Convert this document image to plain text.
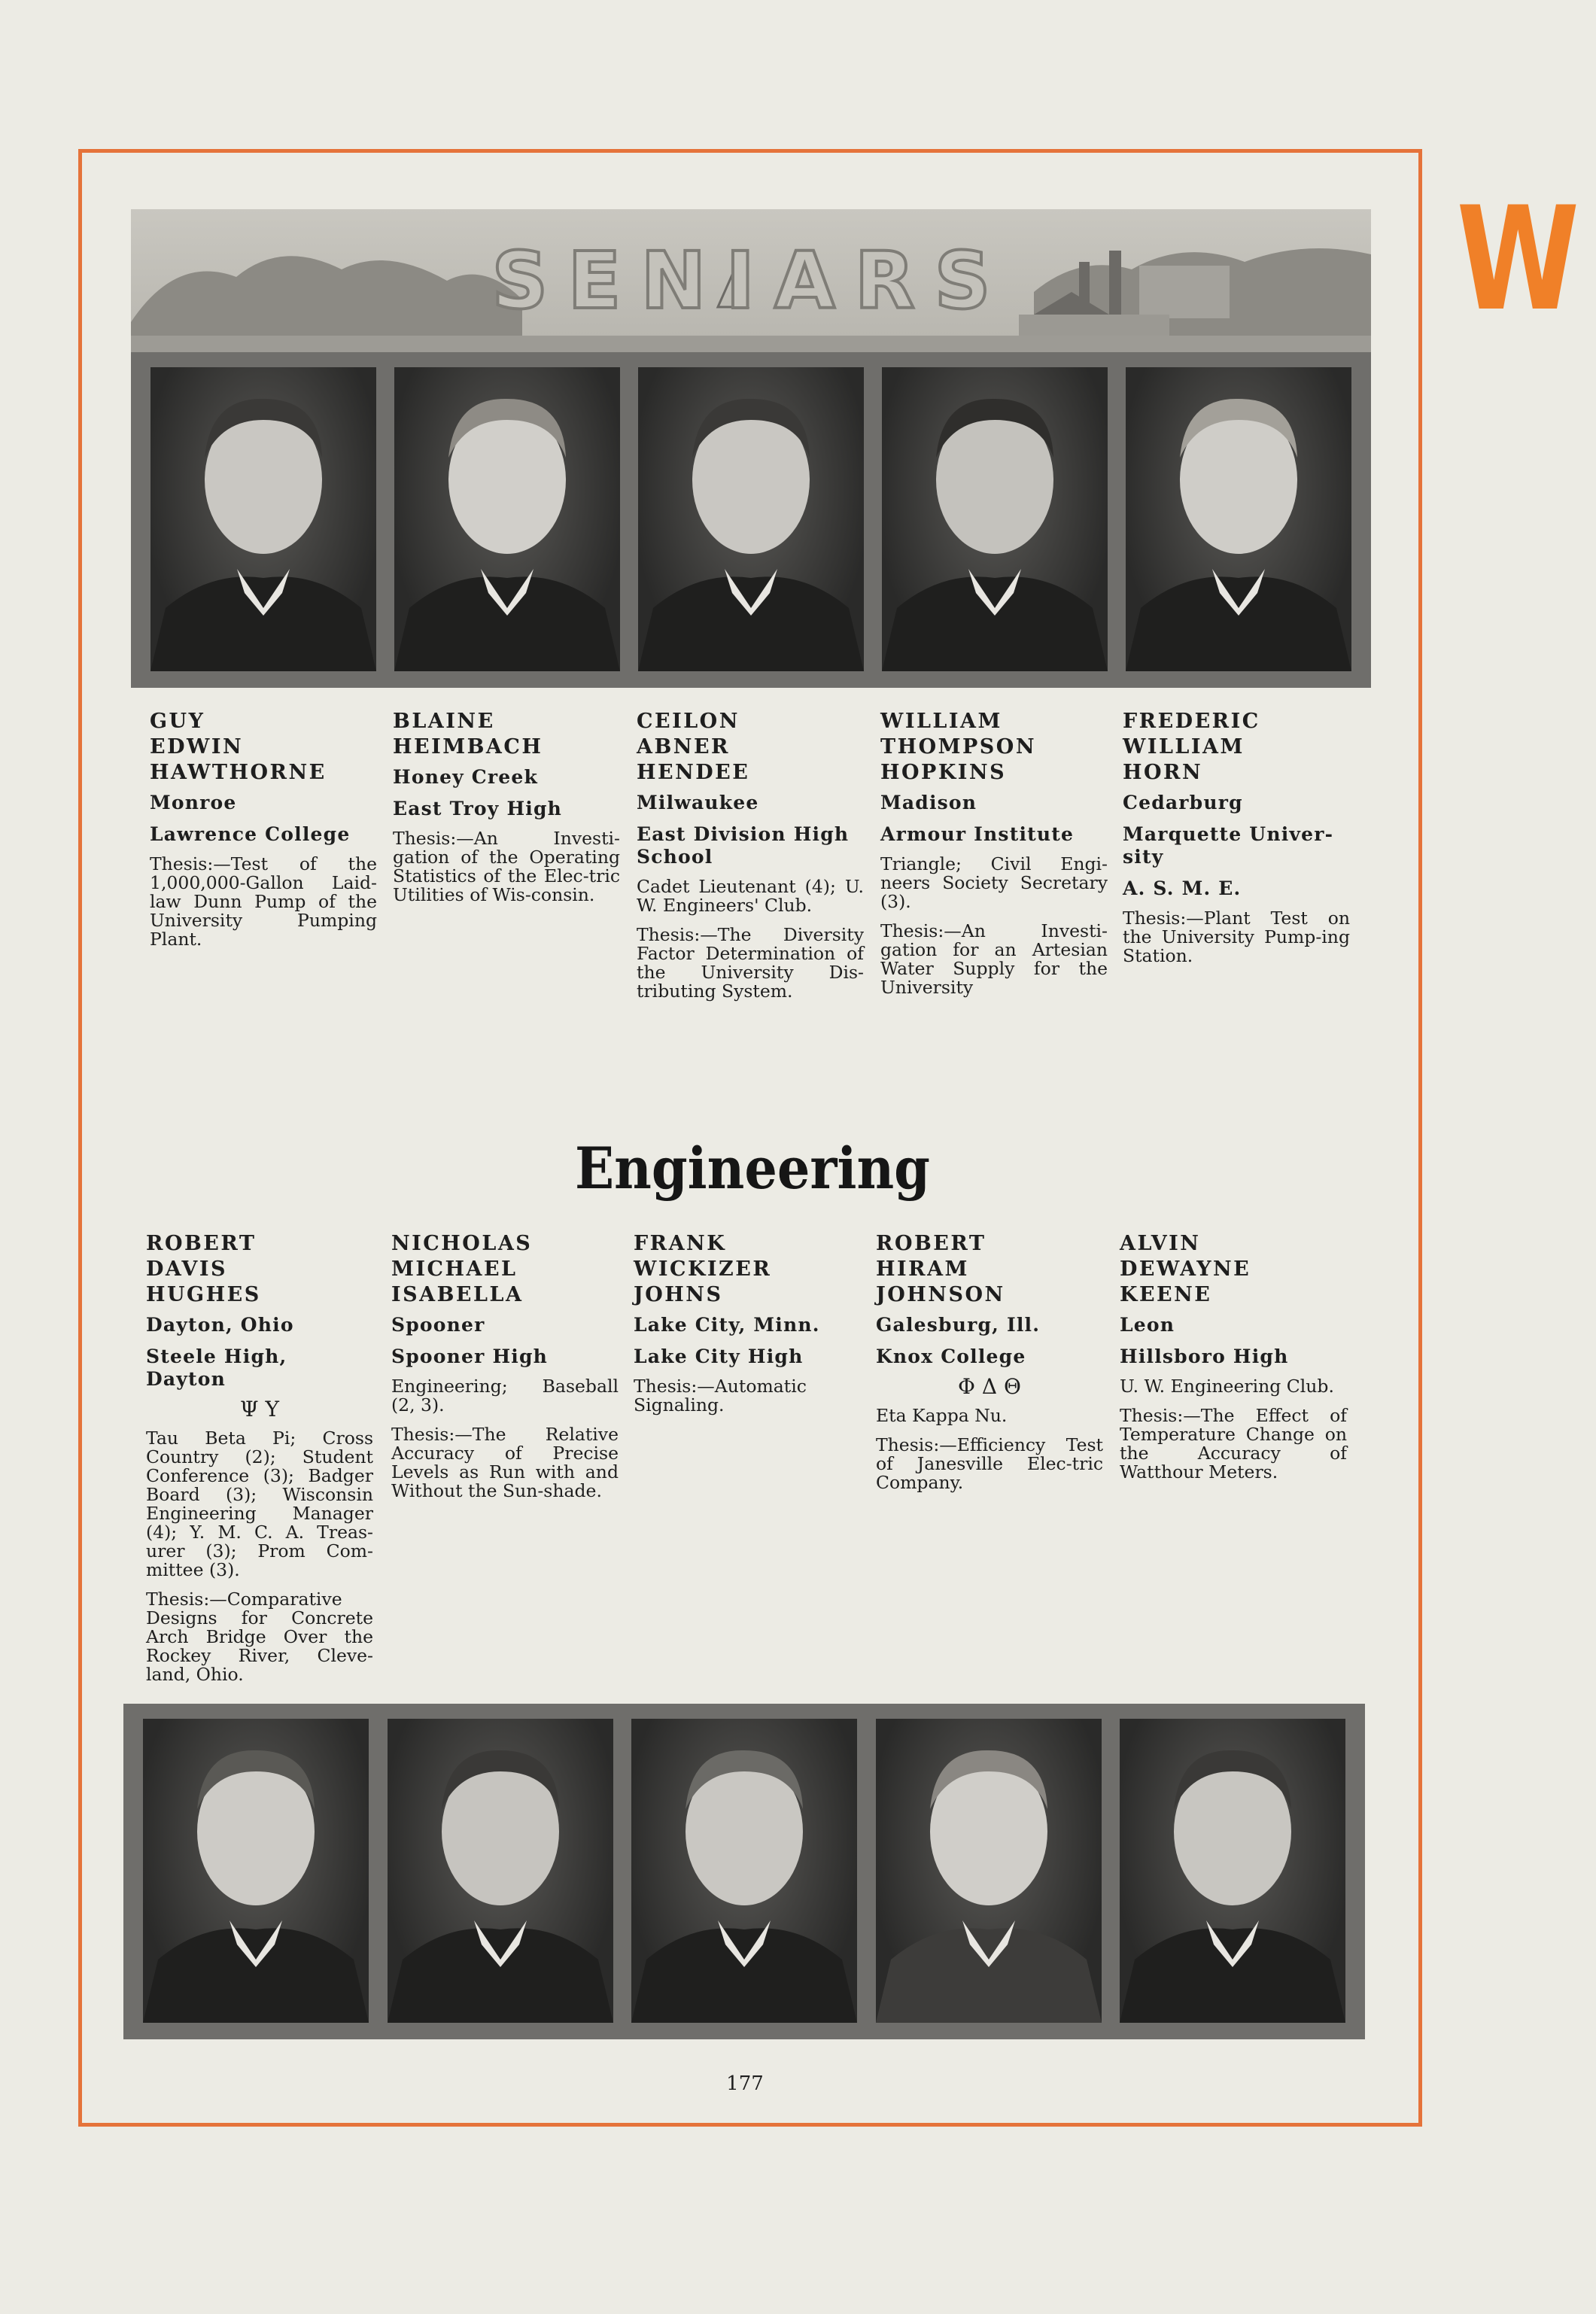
W
SENIARS
GUY
EDWIN
HAWTHORNE
Monroe
Lawrence College
Thesis:—Test of the 1,000,000-Gallon Laid-law Dunn Pump of the University Pumping Plant.
BLAINE
HEIMBACH
Honey Creek
East Troy High
Thesis:—An Investi-gation of the Operating Statistics of the Elec-tric Utilities of Wis-consin.
CEILON
ABNER
HENDEE
Milwaukee
East Division High School
Cadet Lieutenant (4); U. W. Engineers' Club.
Thesis:—The Diversity Factor Determination of the University Dis-tributing System.
WILLIAM
THOMPSON
HOPKINS
Madison
Armour Institute
Triangle; Civil Engi-neers Society Secretary (3).
Thesis:—An Investi-gation for an Artesian Water Supply for the University
FREDERIC
WILLIAM
HORN
Cedarburg
Marquette Univer-sity
A. S. M. E.
Thesis:—Plant Test on the University Pump-ing Station.
Engineering
ROBERT
DAVIS
HUGHES
Dayton, Ohio
Steele High, Dayton
Ψ Υ
Tau Beta Pi; Cross Country (2); Student Conference (3); Badger Board (3); Wisconsin Engineering Manager (4); Y. M. C. A. Treas-urer (3); Prom Com-mittee (3).
Thesis:—Comparative Designs for Concrete Arch Bridge Over the Rockey River, Cleve-land, Ohio.
NICHOLAS
MICHAEL
ISABELLA
Spooner
Spooner High
Engineering; Baseball (2, 3).
Thesis:—The Relative Accuracy of Precise Levels as Run with and Without the Sun-shade.
FRANK
WICKIZER
JOHNS
Lake City, Minn.
Lake City High
Thesis:—Automatic Signaling.
ROBERT
HIRAM
JOHNSON
Galesburg, Ill.
Knox College
Φ Δ Θ
Eta Kappa Nu.
Thesis:—Efficiency Test of Janesville Elec-tric Company.
ALVIN
DEWAYNE
KEENE
Leon
Hillsboro High
U. W. Engineering Club.
Thesis:—The Effect of Temperature Change on the Accuracy of Watthour Meters.
177
